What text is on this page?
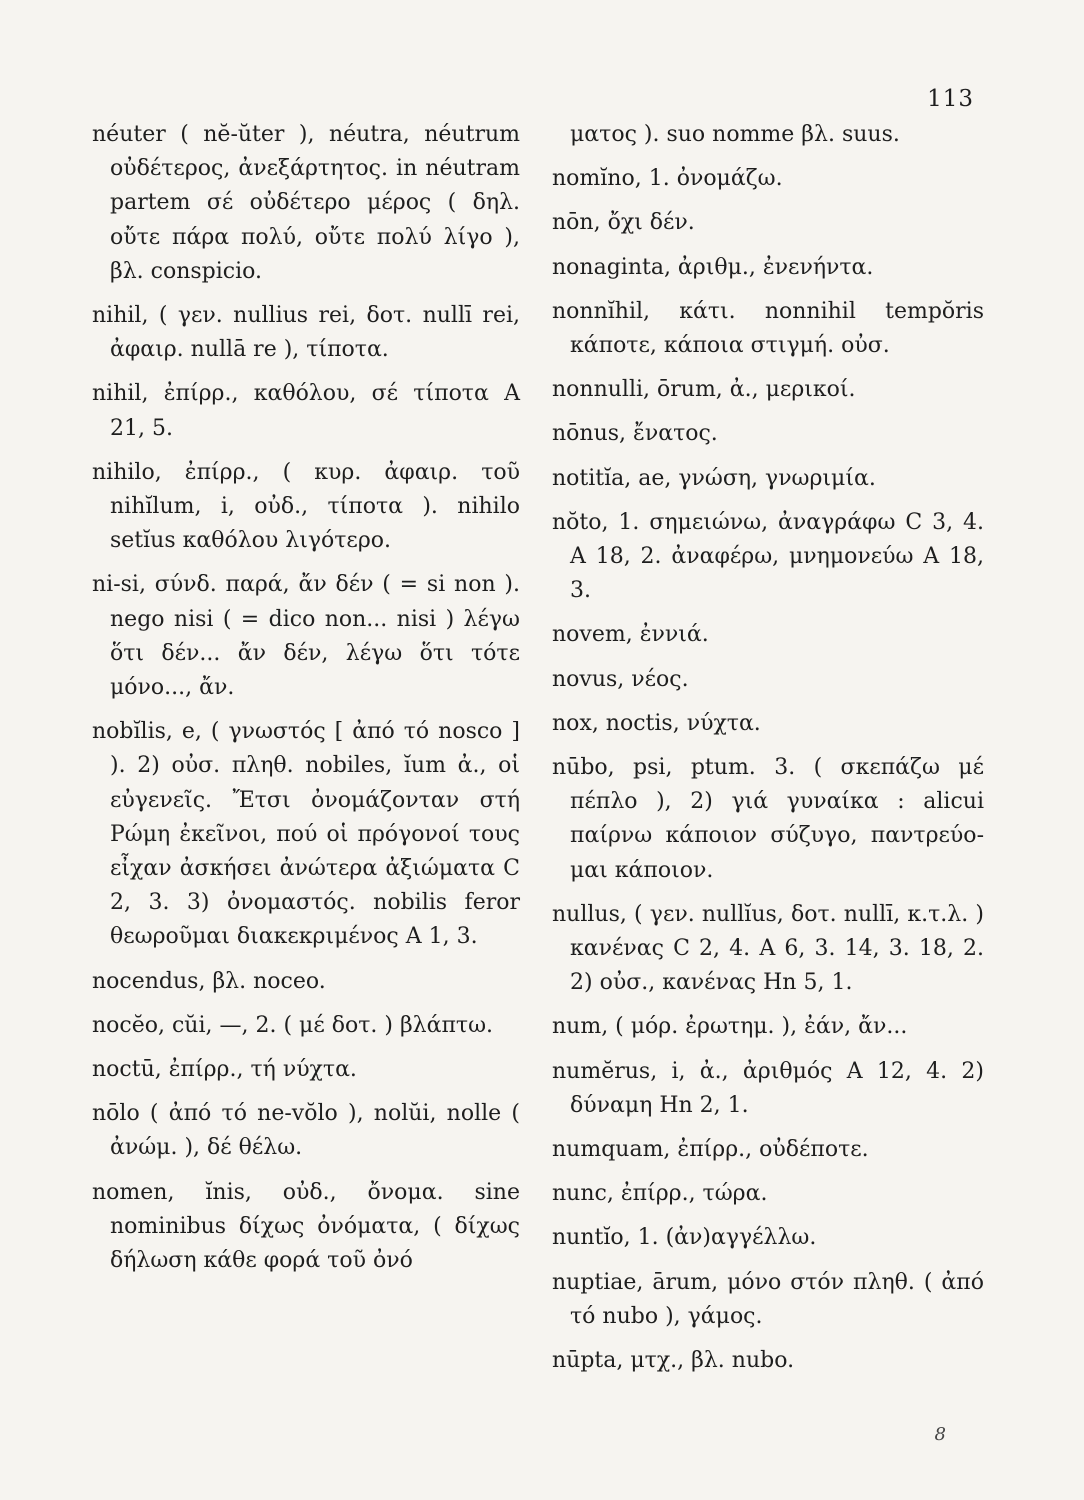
113

néuter ( nĕ-ŭter ), néutra, néutrum οὐδέτερος, ἀνεξάρτητος. in néutram partem σέ οὐδέτερο μέρος ( δηλ. οὔτε πάρα πολύ, οὔτε πολύ λίγο ), βλ. conspicio.

nihil, ( γεν. nullius rei, δοτ. nullī rei, ἀφαιρ. nullā re ), τίποτα.

nihil, ἐπίρρ., καθόλου, σέ τίποτα A 21, 5.

nihilo, ἐπίρρ., ( κυρ. ἀφαιρ. τοῦ nihĭlum, i, οὐδ., τίποτα ). nihilo setĭus καθόλου λιγότερο.

ni-si, σύνδ. παρά, ἄν δέν ( = si non ). nego nisi ( = dico non... nisi ) λέγω ὅτι δέν... ἄν δέν, λέγω ὅτι τότε μόνο..., ἄν.

nobĭlis, e, ( γνωστός [ ἀπό τό nosco ] ). 2) οὐσ. πληθ. nobiles, ĭum ἀ., οἱ εὐγενεῖς. Ἔτσι ὀνομάζονταν στή Ρώμη ἐκεῖνοι, πού οἱ πρόγονοί τους εἶχαν ἀσκήσει ἀνώτερα ἀξιώματα C 2, 3. 3) ὀνομαστός. nobilis feror θεωροῦμαι διακεκριμένος A 1, 3.

nocendus, βλ. noceo.

nocĕo, cŭi, —, 2. ( μέ δοτ. ) βλάπτω.

noctū, ἐπίρρ., τή νύχτα.

nōlo ( ἀπό τό ne-vŏlo ), nolŭi, nolle ( ἀνώμ. ), δέ θέλω.

nomen, ĭnis, οὐδ., ὄνομα. sine nominibus δίχως ὀνόματα, ( δίχως δήλωση κάθε φορά τοῦ ὀνό

ματος ). suo nomme βλ. suus.

nomĭno, 1. ὀνομάζω.

nōn, ὄχι δέν.

nonaginta, ἀριθμ., ἐνενήντα.

nonnĭhil, κάτι. nonnihil tempŏris κάποτε, κάποια στιγμή. οὐσ.

nonnulli, ōrum, ἀ., μερικοί.

nōnus, ἔνατος.

notitĭa, ae, γνώση, γνωριμία.

nŏto, 1. σημειώνω, ἀναγράφω C 3, 4. A 18, 2. ἀναφέρω, μνημονεύω A 18, 3.

novem, ἐννιά.

novus, νέος.

nox, noctis, νύχτα.

nūbo, psi, ptum. 3. ( σκεπάζω μέ πέπλο ), 2) γιά γυναίκα : alicui παίρνω κάποιον σύζυγο, παντρεύομαι κάποιον.

nullus, ( γεν. nullĭus, δοτ. nullī, κ.τ.λ. ) κανένας C 2, 4. A 6, 3. 14, 3. 18, 2. 2) οὐσ., κανένας Hn 5, 1.

num, ( μόρ. ἐρωτημ. ), ἐάν, ἄν...

numĕrus, i, ἀ., ἀριθμός A 12, 4. 2) δύναμη Hn 2, 1.

numquam, ἐπίρρ., οὐδέποτε.

nunc, ἐπίρρ., τώρα.

nuntĭo, 1. (ἀν)αγγέλλω.

nuptiae, ārum, μόνο στόν πληθ. ( ἀπό τό nubo ), γάμος.

nūpta, μτχ., βλ. nubo.

8
